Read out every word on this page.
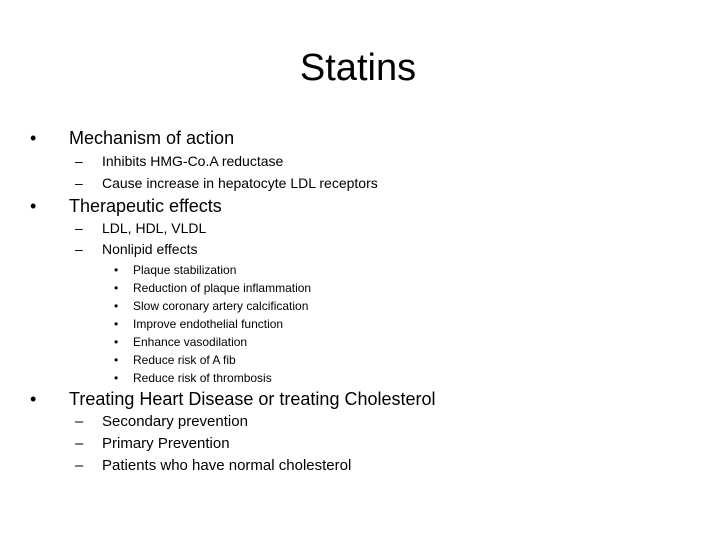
Statins
• Mechanism of action
– Inhibits HMG-Co.A reductase
– Cause increase in hepatocyte LDL receptors
• Therapeutic effects
– LDL, HDL, VLDL
– Nonlipid effects
• Plaque stabilization
• Reduction of plaque inflammation
• Slow coronary artery calcification
• Improve endothelial function
• Enhance vasodilation
• Reduce risk of A fib
• Reduce risk of thrombosis
• Treating Heart Disease or treating Cholesterol
– Secondary prevention
– Primary Prevention
– Patients who have normal cholesterol
